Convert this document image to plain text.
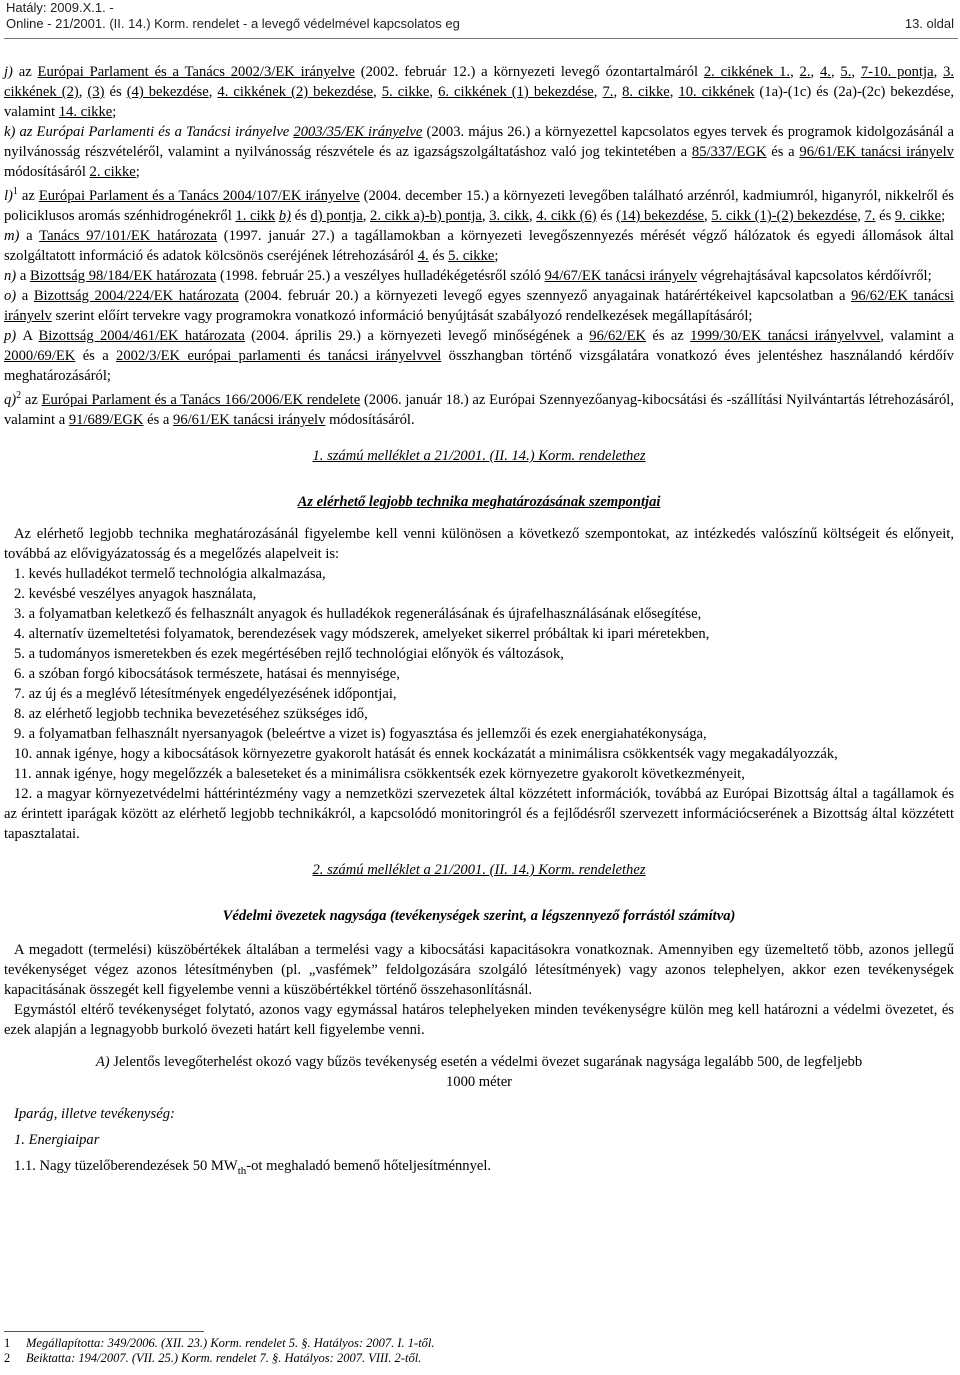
Hatály: 2009.X.1. -
Online - 21/2001. (II. 14.) Korm. rendelet - a levegő védelmével kapcsolatos eg	13. oldal

j) az Európai Parlament és a Tanács 2002/3/EK irányelve (2002. február 12.) a környezeti levegő ózontartalmáról 2. cikkének 1., 2., 4., 5., 7-10. pontja, 3. cikkének (2), (3) és (4) bekezdése, 4. cikkének (2) bekezdése, 5. cikke, 6. cikkének (1) bekezdése, 7., 8. cikke, 10. cikkének (1a)-(1c) és (2a)-(2c) bekezdése, valamint 14. cikke;

k) az Európai Parlamenti és a Tanácsi irányelve 2003/35/EK irányelve (2003. május 26.) a környezettel kapcsolatos egyes tervek és programok kidolgozásánál a nyilvánosság részvételéről, valamint a nyilvánosság részvétele és az igazságszolgáltatáshoz való jog tekintetében a 85/337/EGK és a 96/61/EK tanácsi irányelv módosításáról 2. cikke;

l)$^1$ az Európai Parlament és a Tanács 2004/107/EK irányelve (2004. december 15.) a környezeti levegőben található arzénról, kadmiumról, higanyról, nikkelről és policiklusos aromás szénhidrogénekről 1. cikk b) és d) pontja, 2. cikk a)-b) pontja, 3. cikk, 4. cikk (6) és (14) bekezdése, 5. cikk (1)-(2) bekezdése, 7. és 9. cikke;

m) a Tanács 97/101/EK határozata (1997. január 27.) a tagállamokban a környezeti levegőszennyezés mérését végző hálózatok és egyedi állomások által szolgáltatott információ és adatok kölcsönös cseréjének létrehozásáról 4. és 5. cikke;

n) a Bizottság 98/184/EK határozata (1998. február 25.) a veszélyes hulladékégetésről szóló 94/67/EK tanácsi irányelv végrehajtásával kapcsolatos kérdőívről;

o) a Bizottság 2004/224/EK határozata (2004. február 20.) a környezeti levegő egyes szennyező anyagainak határértékeivel kapcsolatban a 96/62/EK tanácsi irányelv szerint előírt tervekre vagy programokra vonatkozó információ benyújtását szabályozó rendelkezések megállapításáról;

p) A Bizottság 2004/461/EK határozata (2004. április 29.) a környezeti levegő minőségének a 96/62/EK és az 1999/30/EK tanácsi irányelvvel, valamint a 2000/69/EK és a 2002/3/EK európai parlamenti és tanácsi irányelvvel összhangban történő vizsgálatára vonatkozó éves jelentéshez használandó kérdőív meghatározásáról;

q)$^2$ az Európai Parlament és a Tanács 166/2006/EK rendelete (2006. január 18.) az Európai Szennyezőanyag-kibocsátási és -szállítási Nyilvántartás létrehozásáról, valamint a 91/689/EGK és a 96/61/EK tanácsi irányelv módosításáról.

1. számú melléklet a 21/2001. (II. 14.) Korm. rendelethez
Az elérhető legjobb technika meghatározásának szempontjai

Az elérhető legjobb technika meghatározásánál figyelembe kell venni különösen a következő szempontokat, az intézkedés valószínű költségeit és előnyeit, továbbá az elővigyázatosság és a megelőzés alapelveit is:

1. kevés hulladékot termelő technológia alkalmazása,

2. kevésbé veszélyes anyagok használata,

3. a folyamatban keletkező és felhasznált anyagok és hulladékok regenerálásának és újrafelhasználásának elősegítése,

4. alternatív üzemeltetési folyamatok, berendezések vagy módszerek, amelyeket sikerrel próbáltak ki ipari méretekben,

5. a tudományos ismeretekben és ezek megértésében rejlő technológiai előnyök és változások,

6. a szóban forgó kibocsátások természete, hatásai és mennyisége,

7. az új és a meglévő létesítmények engedélyezésének időpontjai,

8. az elérhető legjobb technika bevezetéséhez szükséges idő,

9. a folyamatban felhasznált nyersanyagok (beleértve a vizet is) fogyasztása és jellemzői és ezek energiahatékonysága,

10. annak igénye, hogy a kibocsátások környezetre gyakorolt hatását és ennek kockázatát a minimálisra csökkentsék vagy megakadályozzák,

11. annak igénye, hogy megelőzzék a baleseteket és a minimálisra csökkentsék ezek környezetre gyakorolt következményeit,

12. a magyar környezetvédelmi háttérintézmény vagy a nemzetközi szervezetek által közzétett információk, továbbá az Európai Bizottság által a tagállamok és az érintett iparágak között az elérhető legjobb technikákról, a kapcsolódó monitoringról és a fejlődésről szervezett információcserének a Bizottság által közzétett tapasztalatai.

2. számú melléklet a 21/2001. (II. 14.) Korm. rendelethez
Védelmi övezetek nagysága (tevékenységek szerint, a légszennyező forrástól számítva)

A megadott (termelési) küszöbértékek általában a termelési vagy a kibocsátási kapacitásokra vonatkoznak. Amennyiben egy üzemeltető több, azonos jellegű tevékenységet végez azonos létesítményben (pl. „vasfémek” feldolgozására szolgáló létesítmények) vagy azonos telephelyen, akkor ezen tevékenységek kapacitásának összegét kell figyelembe venni a küszöbértékkel történő összehasonlításnál.

Egymástól eltérő tevékenységet folytató, azonos vagy egymással határos telephelyeken minden tevékenységre külön meg kell határozni a védelmi övezetet, és ezek alapján a legnagyobb burkoló övezeti határt kell figyelembe venni.

A) Jelentős levegőterhelést okozó vagy bűzös tevékenység esetén a védelmi övezet sugarának nagysága legalább 500, de legfeljebb

1000 méter

Iparág, illetve tevékenység:

1. Energiaipar

1.1. Nagy tüzelőberendezések 50 $MW_{th}-ot$ meghaladó bemenő hőteljesítménnyel.

1 Megállapította: 349/2006. (XII. 23.) Korm. rendelet 5. §. Hatályos: 2007. I. 1-től.
2 Beiktatta: 194/2007. (VII. 25.) Korm. rendelet 7. §. Hatályos: 2007. VIII. 2-től.
